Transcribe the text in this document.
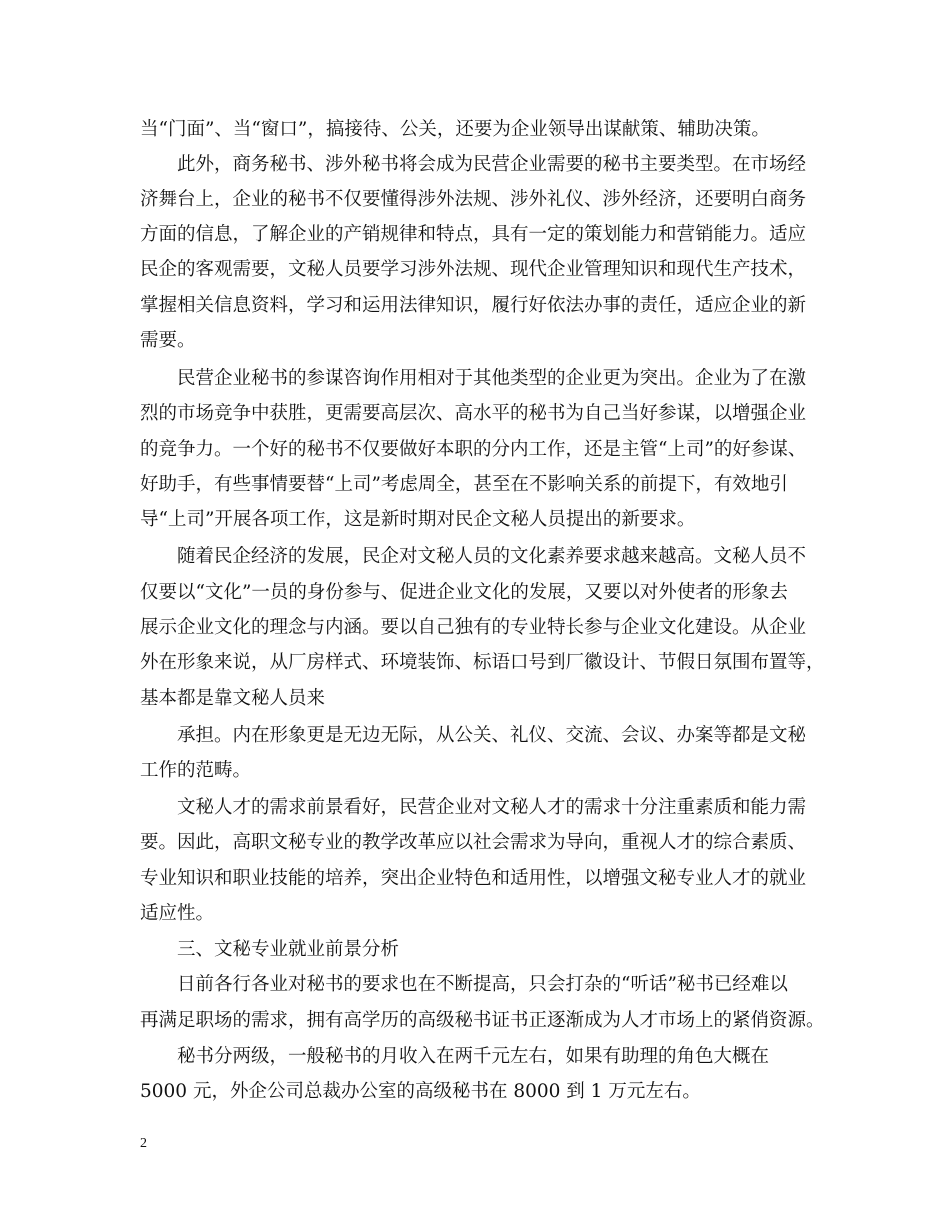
当“门面”、当“窗口”，搞接待、公关，还要为企业领导出谋献策、辅助决策。
此外，商务秘书、涉外秘书将会成为民营企业需要的秘书主要类型。在市场经
济舞台上，企业的秘书不仅要懂得涉外法规、涉外礼仪、涉外经济，还要明白商务
方面的信息，了解企业的产销规律和特点，具有一定的策划能力和营销能力。适应
民企的客观需要，文秘人员要学习涉外法规、现代企业管理知识和现代生产技术，
掌握相关信息资料，学习和运用法律知识，履行好依法办事的责任，适应企业的新
需要。
民营企业秘书的参谋咨询作用相对于其他类型的企业更为突出。企业为了在激
烈的市场竞争中获胜，更需要高层次、高水平的秘书为自己当好参谋，以增强企业
的竞争力。一个好的秘书不仅要做好本职的分内工作，还是主管“上司”的好参谋、
好助手，有些事情要替“上司”考虑周全，甚至在不影响关系的前提下，有效地引
导“上司”开展各项工作，这是新时期对民企文秘人员提出的新要求。
随着民企经济的发展，民企对文秘人员的文化素养要求越来越高。文秘人员不
仅要以“文化”一员的身份参与、促进企业文化的发展，又要以对外使者的形象去
展示企业文化的理念与内涵。要以自己独有的专业特长参与企业文化建设。从企业
外在形象来说，从厂房样式、环境装饰、标语口号到厂徽设计、节假日氛围布置等，
基本都是靠文秘人员来
承担。内在形象更是无边无际，从公关、礼仪、交流、会议、办案等都是文秘
工作的范畴。
文秘人才的需求前景看好，民营企业对文秘人才的需求十分注重素质和能力需
要。因此，高职文秘专业的教学改革应以社会需求为导向，重视人才的综合素质、
专业知识和职业技能的培养，突出企业特色和适用性，以增强文秘专业人才的就业
适应性。
三、文秘专业就业前景分析
日前各行各业对秘书的要求也在不断提高，只会打杂的“听话”秘书已经难以
再满足职场的需求，拥有高学历的高级秘书证书正逐渐成为人才市场上的紧俏资源。
秘书分两级，一般秘书的月收入在两千元左右，如果有助理的角色大概在
5000 元，外企公司总裁办公室的高级秘书在 8000 到 1 万元左右。
2
